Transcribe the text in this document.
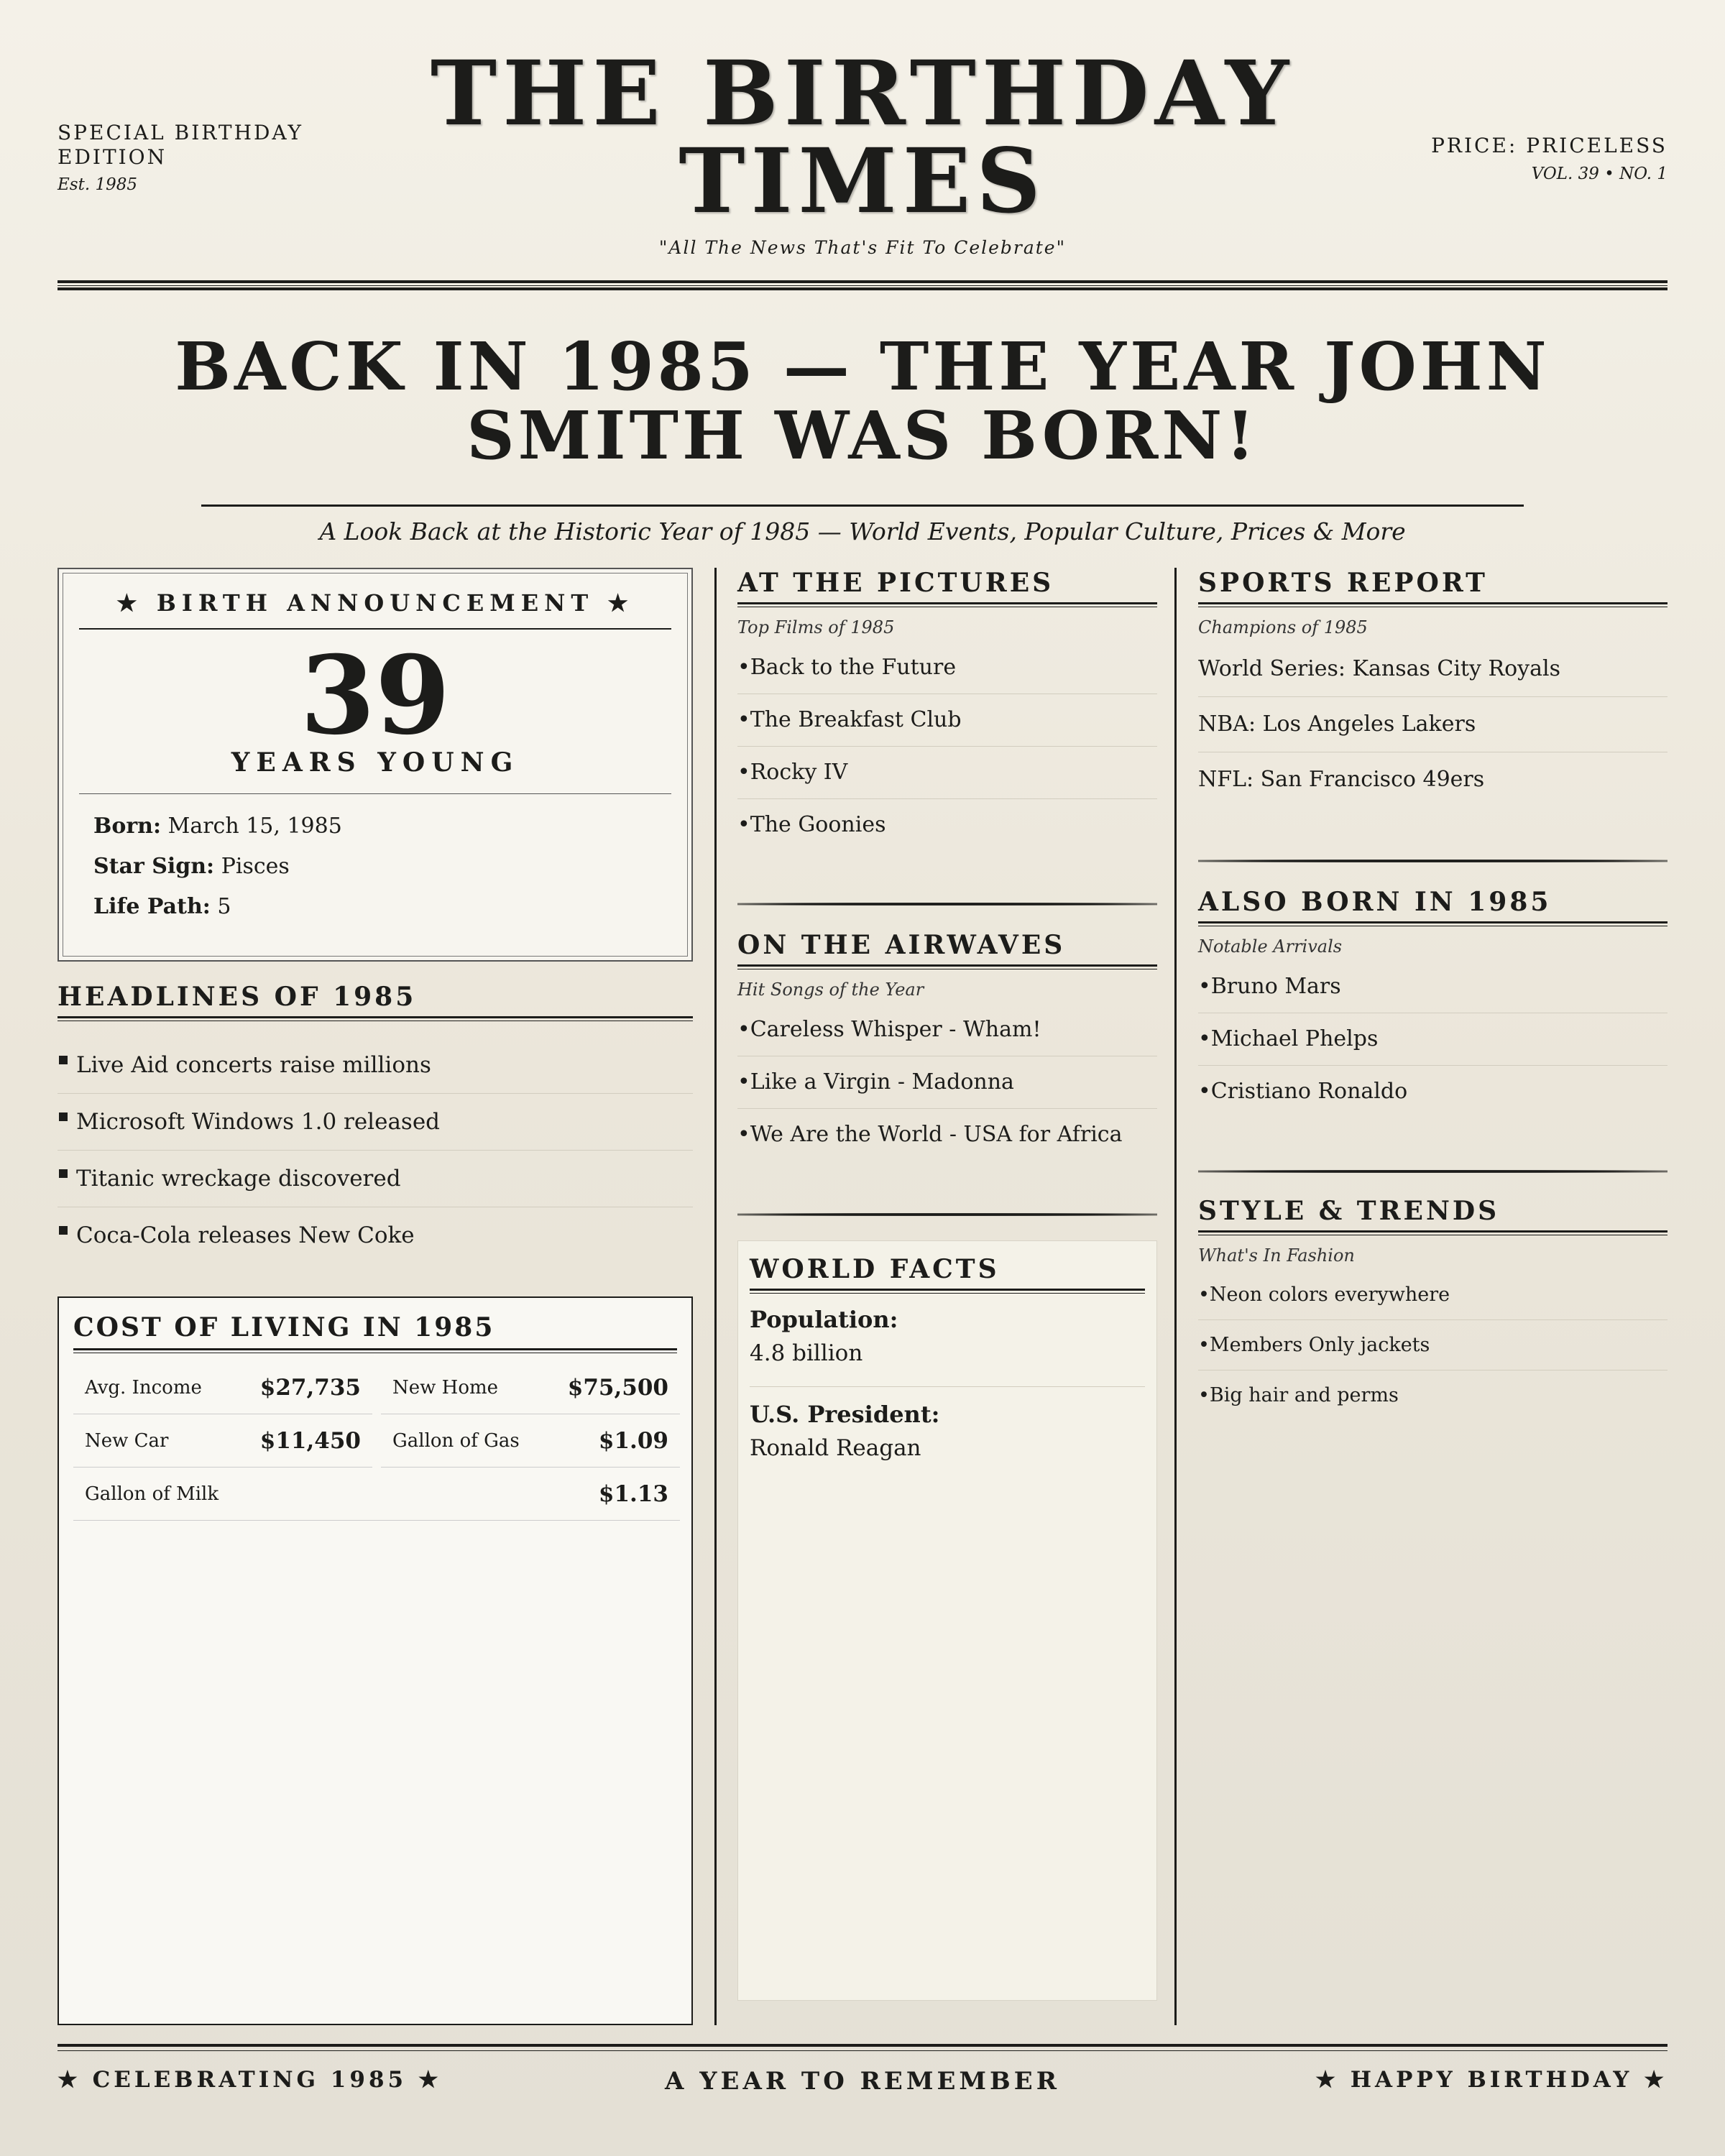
SPECIAL BIRTHDAY EDITION
Est. 1985
THE BIRTHDAY
TIMES
"All The News That's Fit To Celebrate"
PRICE: PRICELESS
VOL. 39 • NO. 1
BACK IN 1985 — THE YEAR JOHN
SMITH WAS BORN!
A Look Back at the Historic Year of 1985 — World Events, Popular Culture, Prices & More
★ BIRTH ANNOUNCEMENT ★
39
YEARS YOUNG
Born: March 15, 1985
Star Sign: Pisces
Life Path: 5
HEADLINES OF 1985
Live Aid concerts raise millions
Microsoft Windows 1.0 released
Titanic wreckage discovered
Coca-Cola releases New Coke
COST OF LIVING IN 1985
Avg. Income	$27,735 New Home	$75,500
New Car	$11,450 Gallon of Gas	$1.09
Gallon of Milk	$1.13
AT THE PICTURES
Top Films of 1985
•Back to the Future
•The Breakfast Club
•Rocky IV
•The Goonies
ON THE AIRWAVES
Hit Songs of the Year
•Careless Whisper - Wham!
•Like a Virgin - Madonna
•We Are the World - USA for Africa
WORLD FACTS
Population:
4.8 billion
U.S. President:
Ronald Reagan
SPORTS REPORT
Champions of 1985
World Series: Kansas City Royals
NBA: Los Angeles Lakers
NFL: San Francisco 49ers
ALSO BORN IN 1985
Notable Arrivals
•Bruno Mars
•Michael Phelps
•Cristiano Ronaldo
STYLE & TRENDS
What's In Fashion
•Neon colors everywhere
•Members Only jackets
•Big hair and perms
★ CELEBRATING 1985 ★	A YEAR TO REMEMBER	★ HAPPY BIRTHDAY ★
